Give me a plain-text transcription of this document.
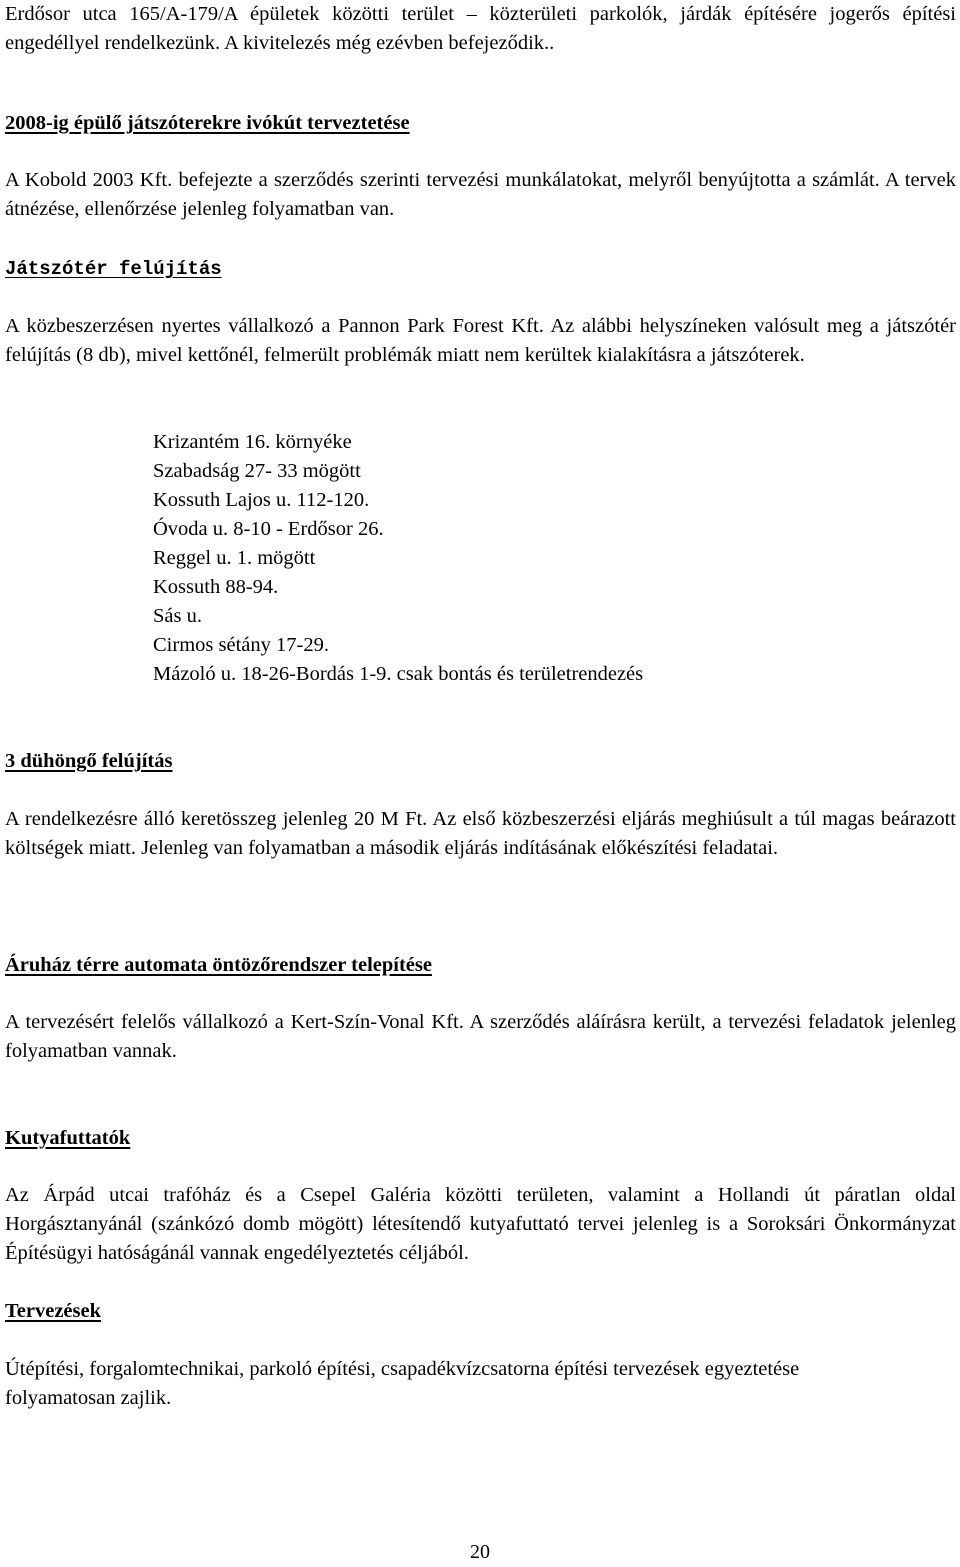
Erdősor utca 165/A-179/A épületek közötti terület – közterületi parkolók, járdák építésére jogerős építési engedéllyel rendelkezünk. A kivitelezés még ezévben befejeződik..

2008-ig épülő játszóterekre ivókút terveztetése

A Kobold 2003 Kft. befejezte a szerződés szerinti tervezési munkálatokat, melyről benyújtotta a számlát. A tervek átnézése, ellenőrzése jelenleg folyamatban van.

Játszótér felújítás

A közbeszerzésen nyertes vállalkozó a Pannon Park Forest Kft. Az alábbi helyszíneken valósult meg a játszótér felújítás (8 db), mivel kettőnél, felmerült problémák miatt nem kerültek kialakításra a játszóterek.

Krizantém 16. környéke
Szabadság 27- 33 mögött
Kossuth Lajos u. 112-120.
Óvoda u. 8-10 - Erdősor 26.
Reggel u. 1. mögött
Kossuth 88-94.
Sás u.
Cirmos sétány 17-29.
Mázoló u. 18-26-Bordás 1-9. csak bontás és területrendezés

3 dühöngő felújítás

A rendelkezésre álló keretösszeg jelenleg 20 M Ft. Az első közbeszerzési eljárás meghiúsult a túl magas beárazott költségek miatt. Jelenleg van folyamatban a második eljárás indításának előkészítési feladatai.

Áruház térre automata öntözőrendszer telepítése

A tervezésért felelős vállalkozó a Kert-Szín-Vonal Kft. A szerződés aláírásra került, a tervezési feladatok jelenleg folyamatban vannak.

Kutyafuttatók

Az Árpád utcai trafóház és a Csepel Galéria közötti területen, valamint a Hollandi út páratlan oldal Horgásztanyánál (szánkózó domb mögött) létesítendő kutyafuttató tervei jelenleg is a Soroksári Önkormányzat Építésügyi hatóságánál vannak engedélyeztetés céljából.

Tervezések

Útépítési, forgalomtechnikai, parkoló építési, csapadékvízcsatorna építési tervezések egyeztetése folyamatosan zajlik.

20
